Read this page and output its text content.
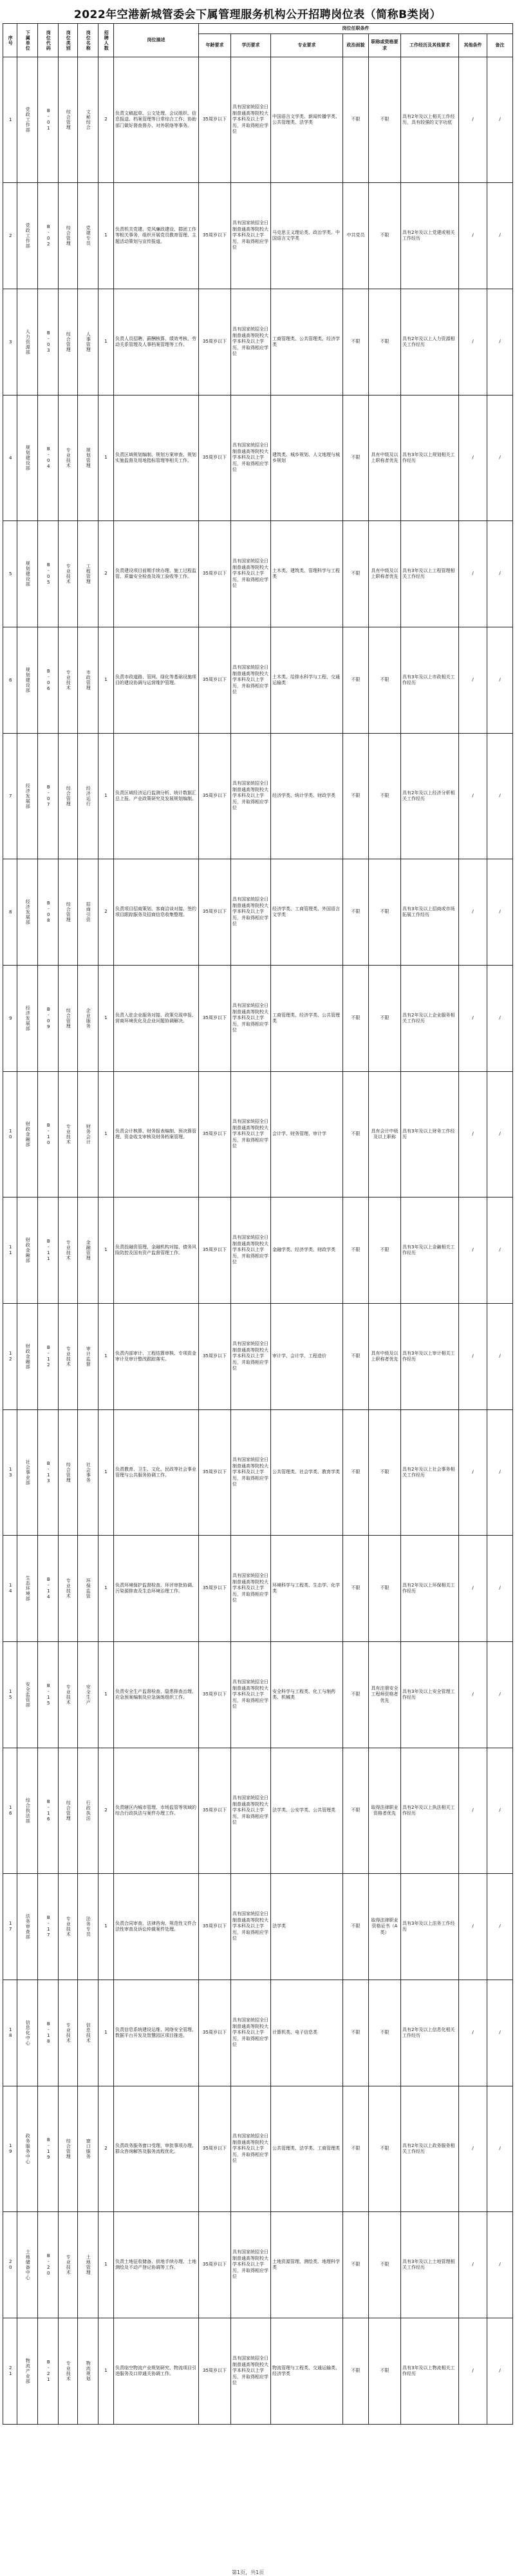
2022年空港新城管委会下属管理服务机构公开招聘岗位表（简称B类岗）
序号	下属单位	岗位代码	岗位类别	岗位名称	招聘人数	岗位描述	岗位任职条件							
							年龄要求	学历要求	专业要求	政治面貌	职称或资格要求	工作经历及其他要求	其他条件	备注

1	党政工作部	B-01	综合管理	文秘综合	2	负责文稿起草、公文处理、会议组织、信息报送、档案管理等日常综合工作；协助部门做好督查督办、对外联络等事务。	35周岁以下	具有国家统招全日制普通高等院校大学本科及以上学历，并取得相应学位	中国语言文学类、新闻传播学类、公共管理类、法学类	不限	不限	具有2年及以上相关工作经历，具有较强的文字功底	/	/

2	党政工作部	B-02	综合管理	党建专员	1	负责机关党建、党风廉政建设、群团工作等相关事务，组织开展党员教育管理、主题活动策划与宣传报道。	35周岁以下	具有国家统招全日制普通高等院校大学本科及以上学历，并取得相应学位	马克思主义理论类、政治学类、中国语言文学类	中共党员	不限	具有2年及以上党建或相关工作经历	/	/

3	人力资源部	B-03	综合管理	人事管理	1	负责人员招聘、薪酬核算、绩效考核、劳动关系管理及人事档案管理等工作。	35周岁以下	具有国家统招全日制普通高等院校大学本科及以上学历，并取得相应学位	工商管理类、公共管理类、经济学类	不限	不限	具有2年及以上人力资源相关工作经历	/	/

4	规划建设部	B-04	专业技术	规划管理	1	负责区域规划编制、规划方案审查、规划实施监督及用地指标管理等相关工作。	35周岁以下	具有国家统招全日制普通高等院校大学本科及以上学历，并取得相应学位	建筑类、城乡规划、人文地理与城乡规划	不限	具有中级及以上职称者优先	具有3年及以上规划相关工作经历	/	/

5	规划建设部	B-05	专业技术	工程管理	2	负责建设项目前期手续办理、施工过程监管、质量安全检查及竣工验收等工作。	35周岁以下	具有国家统招全日制普通高等院校大学本科及以上学历，并取得相应学位	土木类、建筑类、管理科学与工程类	不限	具有中级及以上职称者优先	具有3年及以上工程管理相关工作经历	/	/

6	规划建设部	B-06	专业技术	市政管理	1	负责市政道路、管网、绿化等基础设施项目的建设协调与运营维护管理。	35周岁以下	具有国家统招全日制普通高等院校大学本科及以上学历，并取得相应学位	土木类、给排水科学与工程、交通运输类	不限	不限	具有3年及以上市政相关工作经历	/	/

7	经济发展部	B-07	综合管理	经济运行	1	负责区域经济运行监测分析、统计数据汇总上报、产业政策研究及发展规划编制。	35周岁以下	具有国家统招全日制普通高等院校大学本科及以上学历，并取得相应学位	经济学类、统计学类、财政学类	不限	不限	具有2年及以上经济分析相关工作经历	/	/

8	经济发展部	B-08	综合管理	招商引资	2	负责项目招商策划、客商洽谈对接、签约项目跟踪服务及招商信息收集整理。	35周岁以下	具有国家统招全日制普通高等院校大学本科及以上学历，并取得相应学位	经济学类、工商管理类、外国语言文学类	不限	不限	具有3年及以上招商或市场拓展工作经历	/	/

9	经济发展部	B-09	综合管理	企业服务	1	负责入驻企业服务对接、政策兑现申报、营商环境优化及企业问题协调解决。	35周岁以下	具有国家统招全日制普通高等院校大学本科及以上学历，并取得相应学位	工商管理类、经济学类、公共管理类	不限	不限	具有2年及以上企业服务相关工作经历	/	/

10	财政金融部	B-10	专业技术	财务会计	1	负责会计核算、财务报表编制、预决算管理、资金收支审核及财务档案管理。	35周岁以下	具有国家统招全日制普通高等院校大学本科及以上学历，并取得相应学位	会计学、财务管理、审计学	不限	具有会计中级及以上职称	具有3年及以上财务工作经历	/	/

11	财政金融部	B-11	专业技术	金融管理	1	负责投融资管理、金融机构对接、债务风险防控及国有资产监督管理工作。	35周岁以下	具有国家统招全日制普通高等院校大学本科及以上学历，并取得相应学位	金融学类、经济学类、财政学类	不限	不限	具有3年及以上金融相关工作经历	/	/

12	财政金融部	B-12	专业技术	审计监督	1	负责内部审计、工程结算审核、专项资金审计及审计整改跟踪落实。	35周岁以下	具有国家统招全日制普通高等院校大学本科及以上学历，并取得相应学位	审计学、会计学、工程造价	不限	具有中级及以上职称者优先	具有3年及以上审计相关工作经历	/	/

13	社会事业部	B-13	综合管理	社会事务	1	负责教育、卫生、文化、民政等社会事业管理与公共服务协调工作。	35周岁以下	具有国家统招全日制普通高等院校大学本科及以上学历，并取得相应学位	公共管理类、社会学类、教育学类	不限	不限	具有2年及以上社会事务相关工作经历	/	/

14	生态环境部	B-14	专业技术	环保监管	1	负责环境保护监督检查、环评审批协调、污染源排查及生态环境治理工作。	35周岁以下	具有国家统招全日制普通高等院校大学本科及以上学历，并取得相应学位	环境科学与工程类、生态学、化学类	不限	不限	具有2年及以上环保相关工作经历	/	/

15	安全监管部	B-15	专业技术	安全生产	1	负责安全生产监督检查、隐患排查治理、应急预案编制及应急演练组织工作。	35周岁以下	具有国家统招全日制普通高等院校大学本科及以上学历，并取得相应学位	安全科学与工程类、化工与制药类、机械类	不限	具有注册安全工程师资格者优先	具有3年及以上安全管理工作经历	/	/

16	综合执法部	B-16	综合管理	行政执法	2	负责辖区内城市管理、市场监管等领域的综合行政执法与案件办理工作。	35周岁以下	具有国家统招全日制普通高等院校大学本科及以上学历，并取得相应学位	法学类、公安学类、公共管理类	不限	取得法律职业资格者优先	具有2年及以上执法相关工作经历	/	/

17	法务审查部	B-17	专业技术	法务专员	1	负责合同审查、法律咨询、规范性文件合法性审查及诉讼仲裁案件处理。	35周岁以下	具有国家统招全日制普通高等院校大学本科及以上学历，并取得相应学位	法学类	不限	取得法律职业资格证书（A类）	具有3年及以上法务工作经历	/	/

18	信息化中心	B-18	专业技术	信息技术	1	负责信息系统建设运维、网络安全管理、数据平台开发及智慧园区项目推进。	35周岁以下	具有国家统招全日制普通高等院校大学本科及以上学历，并取得相应学位	计算机类、电子信息类	不限	不限	具有2年及以上信息化相关工作经历	/	/

19	政务服务中心	B-19	综合管理	窗口服务	2	负责政务服务窗口受理、审批事项办理、群众咨询解答及服务流程优化。	35周岁以下	具有国家统招全日制普通高等院校大学本科及以上学历，并取得相应学位	公共管理类、法学类、工商管理类	不限	不限	具有2年及以上政务服务相关工作经历	/	/

20	土地储备中心	B-20	专业技术	土地管理	1	负责土地征收储备、供地手续办理、土地测绘及不动产登记协调等工作。	35周岁以下	具有国家统招全日制普通高等院校大学本科及以上学历，并取得相应学位	土地资源管理、测绘类、地理科学类	不限	不限	具有3年及以上土地管理相关工作经历	/	/

21	物流产业部	B-21	专业技术	物流规划	1	负责临空物流产业规划研究、物流项目引进服务及口岸通关协调工作。	35周岁以下	具有国家统招全日制普通高等院校大学本科及以上学历，并取得相应学位	物流管理与工程类、交通运输类、经济学类	不限	不限	具有3年及以上物流相关工作经历	/	/
第1页，共1页
